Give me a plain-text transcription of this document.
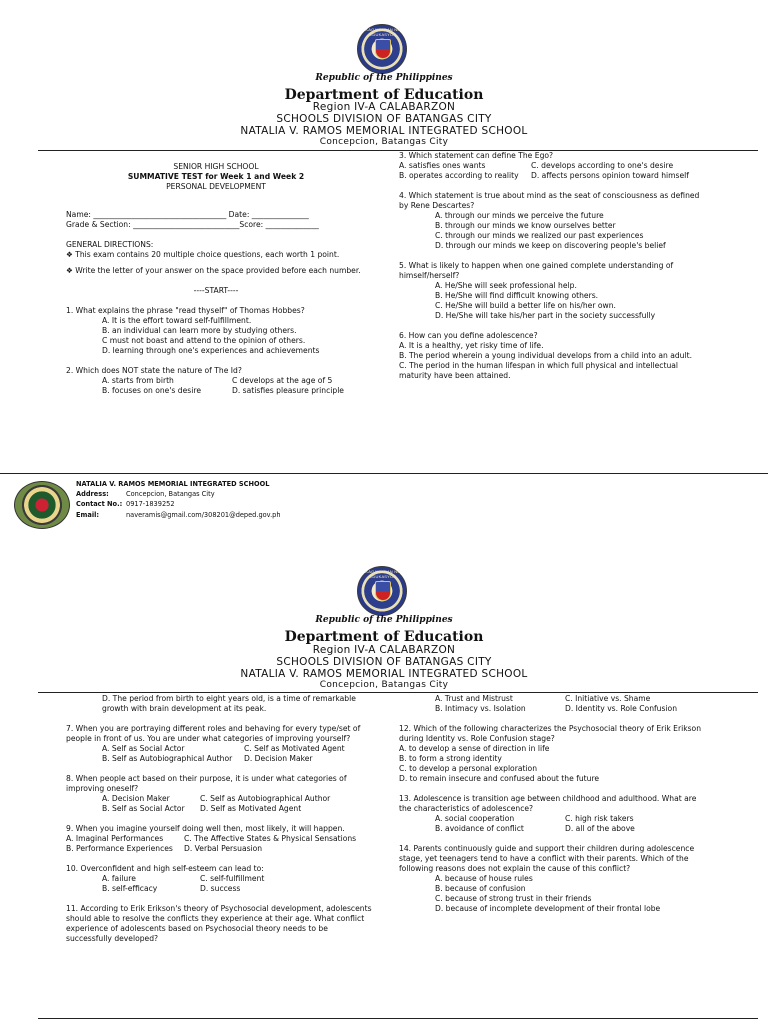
KAGAWARAN NG EDUKASYON
Republic of the Philippines
Department of Education
Region IV-A CALABARZON
SCHOOLS DIVISION OF BATANGAS CITY
NATALIA V. RAMOS MEMORIAL INTEGRATED SCHOOL
Concepcion, Batangas City

SENIOR HIGH SCHOOL

SUMMATIVE TEST for Week 1 and Week 2

PERSONAL DEVELOPMENT

Name: ___________________________________ Date: _______________

Grade & Section: ____________________________Score: ______________

GENERAL DIRECTIONS:

❖ This exam contains 20 multiple choice questions, each worth 1 point.

❖ Write the letter of your answer on the space provided before each number.

----START----

1. What explains the phrase "read thyself" of Thomas Hobbes?

A. It is the effort toward self-fulfillment.

B. an individual can learn more by studying others.

C must not boast and attend to the opinion of others.

D. learning through one's experiences and achievements

2. Which does NOT state the nature of The Id?

A. starts from birth	C develops at the age of 5
B. focuses on one's desire	D. satisfies pleasure principle

3. Which statement can define The Ego?

A. satisfies ones wants	C. develops according to one's desire
B. operates according to reality	D. affects persons opinion toward himself

4. Which statement is true about mind as the seat of consciousness as defined by Rene Descartes?

A. through our minds we perceive the future

B. through our minds we know ourselves better

C. through our minds we realized our past experiences

D. through our minds we keep on discovering people's belief

5. What is likely to happen when one gained complete understanding of himself/herself?

A. He/She will seek professional help.

B. He/She will find difficult knowing others.

C. He/She will build a better life on his/her own.

D. He/She will take his/her part in the society successfully

6. How can you define adolescence?

A. It is a healthy, yet risky time of life.

B. The period wherein a young individual develops from a child into an adult.

C. The period in the human lifespan in which full physical and intellectual maturity have been attained.

NATALIA V. RAMOS MEMORIAL INTEGRATED SCHOOL
Address:	Concepcion, Batangas City
Contact No.: 0917-1839252
Email:	naveramis@gmail.com/308201@deped.gov.ph
KAGAWARAN NG EDUKASYON
Republic of the Philippines
Department of Education
Region IV-A CALABARZON
SCHOOLS DIVISION OF BATANGAS CITY
NATALIA V. RAMOS MEMORIAL INTEGRATED SCHOOL
Concepcion, Batangas City

D. The period from birth to eight years old, is a time of remarkable growth with brain development at its peak.

7. When you are portraying different roles and behaving for every type/set of people in front of us. You are under what categories of improving yourself?

A. Self as Social Actor	C. Self as Motivated Agent
B. Self as Autobiographical Author	D. Decision Maker

8. When people act based on their purpose, it is under what categories of improving oneself?

A. Decision Maker	C. Self as Autobiographical Author
B. Self as Social Actor	D. Self as Motivated Agent

9. When you imagine yourself doing well then, most likely, it will happen.

A. Imaginal Performances	C. The Affective States & Physical Sensations
B. Performance Experiences	D. Verbal Persuasion

10. Overconfident and high self-esteem can lead to:

A. failure	C. self-fulfillment
B. self-efficacy	D. success

11. According to Erik Erikson's theory of Psychosocial development, adolescents should able to resolve the conflicts they experience at their age. What conflict experience of adolescents based on Psychosocial theory needs to be successfully developed?

A. Trust and Mistrust	C. Initiative vs. Shame
B. Intimacy vs. Isolation	D. Identity vs. Role Confusion

12. Which of the following characterizes the Psychosocial theory of Erik Erikson during Identity vs. Role Confusion stage?

A. to develop a sense of direction in life

B. to form a strong identity

C. to develop a personal exploration

D. to remain insecure and confused about the future

13. Adolescence is transition age between childhood and adulthood. What are the characteristics of adolescence?

A. social cooperation	C. high risk takers
B. avoidance of conflict	D. all of the above

14. Parents continuously guide and support their children during adolescence stage, yet teenagers tend to have a conflict with their parents. Which of the following reasons does not explain the cause of this conflict?

A. because of house rules

B. because of confusion

C. because of strong trust in their friends

D. because of incomplete development of their frontal lobe
